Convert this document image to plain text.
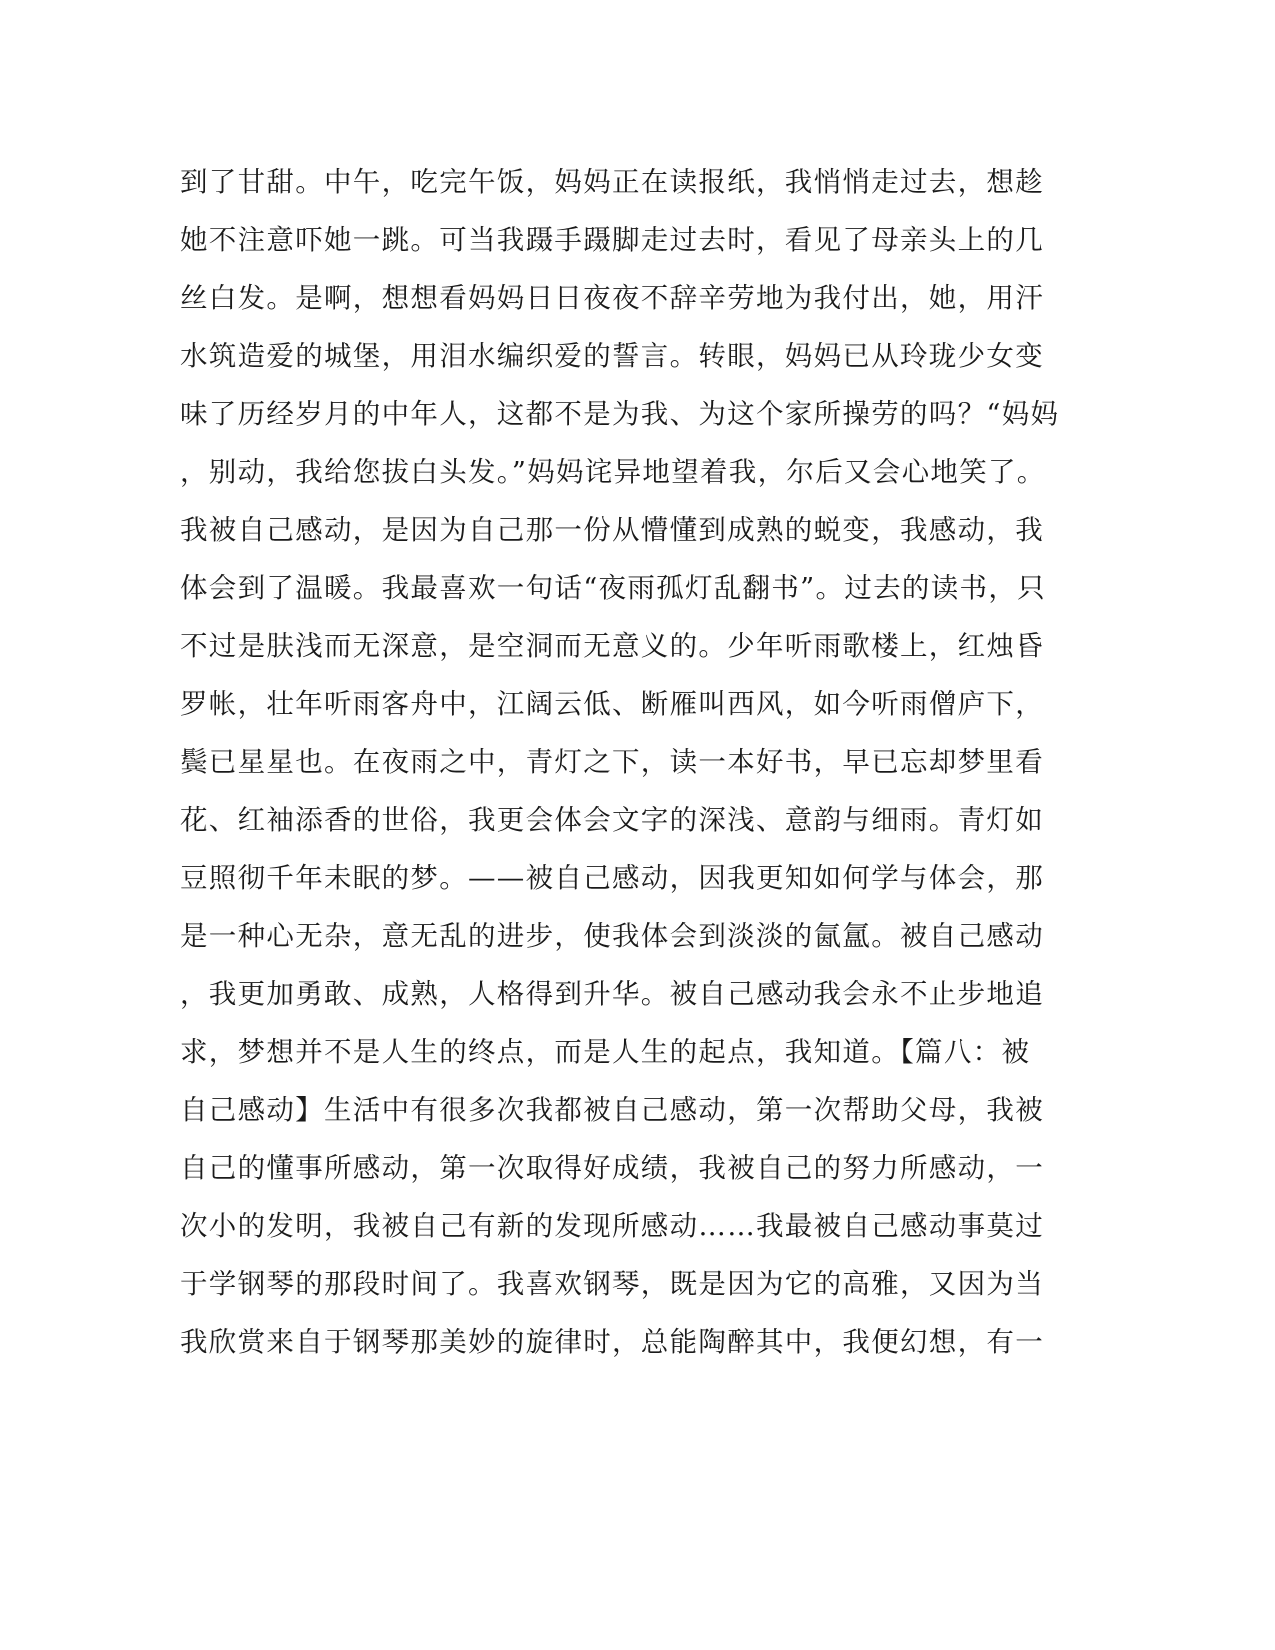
到了甘甜。中午，吃完午饭，妈妈正在读报纸，我悄悄走过去，想趁
她不注意吓她一跳。可当我蹑手蹑脚走过去时，看见了母亲头上的几
丝白发。是啊，想想看妈妈日日夜夜不辞辛劳地为我付出，她，用汗
水筑造爱的城堡，用泪水编织爱的誓言。转眼，妈妈已从玲珑少女变
味了历经岁月的中年人，这都不是为我、为这个家所操劳的吗？“妈妈
，别动，我给您拔白头发。”妈妈诧异地望着我，尔后又会心地笑了。
我被自己感动，是因为自己那一份从懵懂到成熟的蜕变，我感动，我
体会到了温暖。我最喜欢一句话“夜雨孤灯乱翻书”。过去的读书，只
不过是肤浅而无深意，是空洞而无意义的。少年听雨歌楼上，红烛昏
罗帐，壮年听雨客舟中，江阔云低、断雁叫西风，如今听雨僧庐下，
鬓已星星也。在夜雨之中，青灯之下，读一本好书，早已忘却梦里看
花、红袖添香的世俗，我更会体会文字的深浅、意韵与细雨。青灯如
豆照彻千年未眠的梦。——被自己感动，因我更知如何学与体会，那
是一种心无杂，意无乱的进步，使我体会到淡淡的氤氲。被自己感动
，我更加勇敢、成熟，人格得到升华。被自己感动我会永不止步地追
求，梦想并不是人生的终点，而是人生的起点，我知道。【篇八：被
自己感动】生活中有很多次我都被自己感动，第一次帮助父母，我被
自己的懂事所感动，第一次取得好成绩，我被自己的努力所感动，一
次小的发明，我被自己有新的发现所感动……我最被自己感动事莫过
于学钢琴的那段时间了。我喜欢钢琴，既是因为它的高雅，又因为当
我欣赏来自于钢琴那美妙的旋律时，总能陶醉其中，我便幻想，有一
